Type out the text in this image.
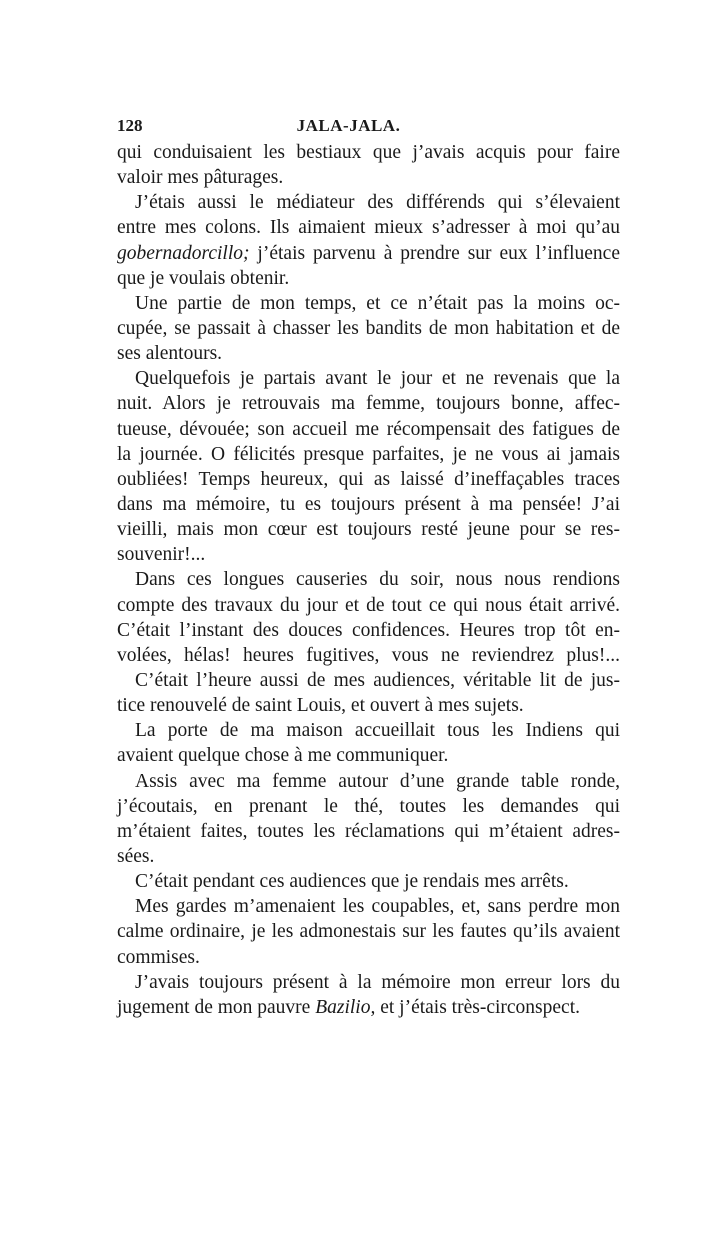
128	JALA-JALA.
qui conduisaient les bestiaux que j’avais acquis pour faire
valoir mes pâturages.
J’étais aussi le médiateur des différends qui s’élevaient
entre mes colons. Ils aimaient mieux s’adresser à moi qu’au
gobernadorcillo; j’étais parvenu à prendre sur eux l’influence
que je voulais obtenir.
Une partie de mon temps, et ce n’était pas la moins oc-
cupée, se passait à chasser les bandits de mon habitation et de
ses alentours.
Quelquefois je partais avant le jour et ne revenais que la
nuit. Alors je retrouvais ma femme, toujours bonne, affec-
tueuse, dévouée; son accueil me récompensait des fatigues de
la journée. O félicités presque parfaites, je ne vous ai jamais
oubliées! Temps heureux, qui as laissé d’ineffaçables traces
dans ma mémoire, tu es toujours présent à ma pensée! J’ai
vieilli, mais mon cœur est toujours resté jeune pour se res-
souvenir!...
Dans ces longues causeries du soir, nous nous rendions
compte des travaux du jour et de tout ce qui nous était arrivé.
C’était l’instant des douces confidences. Heures trop tôt en-
volées, hélas! heures fugitives, vous ne reviendrez plus!...
C’était l’heure aussi de mes audiences, véritable lit de jus-
tice renouvelé de saint Louis, et ouvert à mes sujets.
La porte de ma maison accueillait tous les Indiens qui
avaient quelque chose à me communiquer.
Assis avec ma femme autour d’une grande table ronde,
j’écoutais, en prenant le thé, toutes les demandes qui
m’étaient faites, toutes les réclamations qui m’étaient adres-
sées.
C’était pendant ces audiences que je rendais mes arrêts.
Mes gardes m’amenaient les coupables, et, sans perdre mon
calme ordinaire, je les admonestais sur les fautes qu’ils avaient
commises.
J’avais toujours présent à la mémoire mon erreur lors du
jugement de mon pauvre Bazilio, et j’étais très-circonspect.
